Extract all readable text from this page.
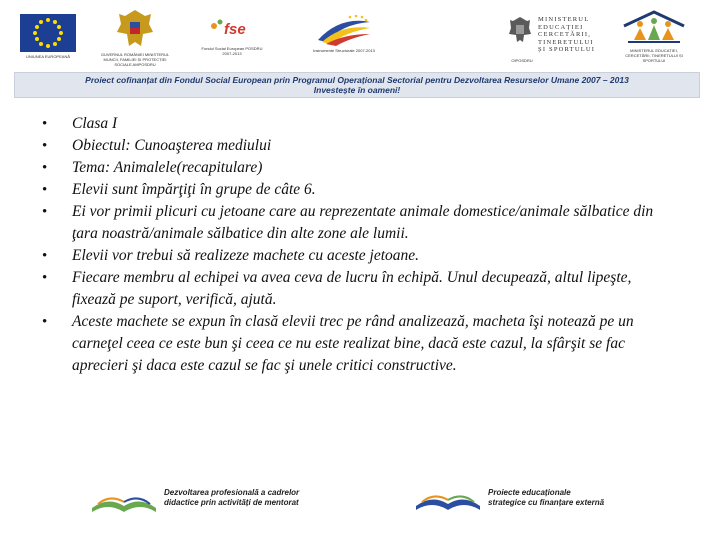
UNIUNEA EUROPEANĂ	GUVERNUL ROMÂNIEI MINISTERUL MUNCII, FAMILIEI ȘI PROTECȚIEI SOCIALE AMPOSDRU
fse
Fondul Social European POSDRU 2007-2013
Instrumente Structurale 2007-2013
MINISTERUL
EDUCAȚIEI
CERCETĂRII,
TINERETULUI
ȘI SPORTULUI
OIPOSDRU
MINISTERUL EDUCAȚIEI, CERCETĂRII, TINERETULUI ȘI SPORTULUI
Proiect cofinanțat din Fondul Social European prin Programul Operațional Sectorial pentru Dezvoltarea Resurselor Umane 2007 – 2013
Investește în oameni!
•	Clasa I
•	Obiectul: Cunoaşterea mediului
•	Tema: Animalele(recapitulare)
•	Elevii sunt împărţiţi în grupe de câte 6.
•	Ei vor primii plicuri cu jetoane care au reprezentate animale domestice/animale sălbatice din ţara noastră/animale sălbatice din alte zone ale lumii.
•	Elevii vor trebui să realizeze machete cu aceste jetoane.
•	Fiecare membru al echipei va avea ceva de lucru în echipă. Unul decupează, altul lipeşte, fixează pe suport, verifică, ajută.
•	Aceste machete se expun în clasă elevii trec pe rând analizează, macheta îşi notează pe un carneţel ceea ce este bun şi ceea ce nu este realizat bine, dacă este cazul, la sfârşit se fac aprecieri şi daca este cazul se fac şi unele critici constructive.
Dezvoltarea profesională a cadrelor
didactice prin activități de mentorat
Proiecte educaționale
strategice cu finanțare externă
